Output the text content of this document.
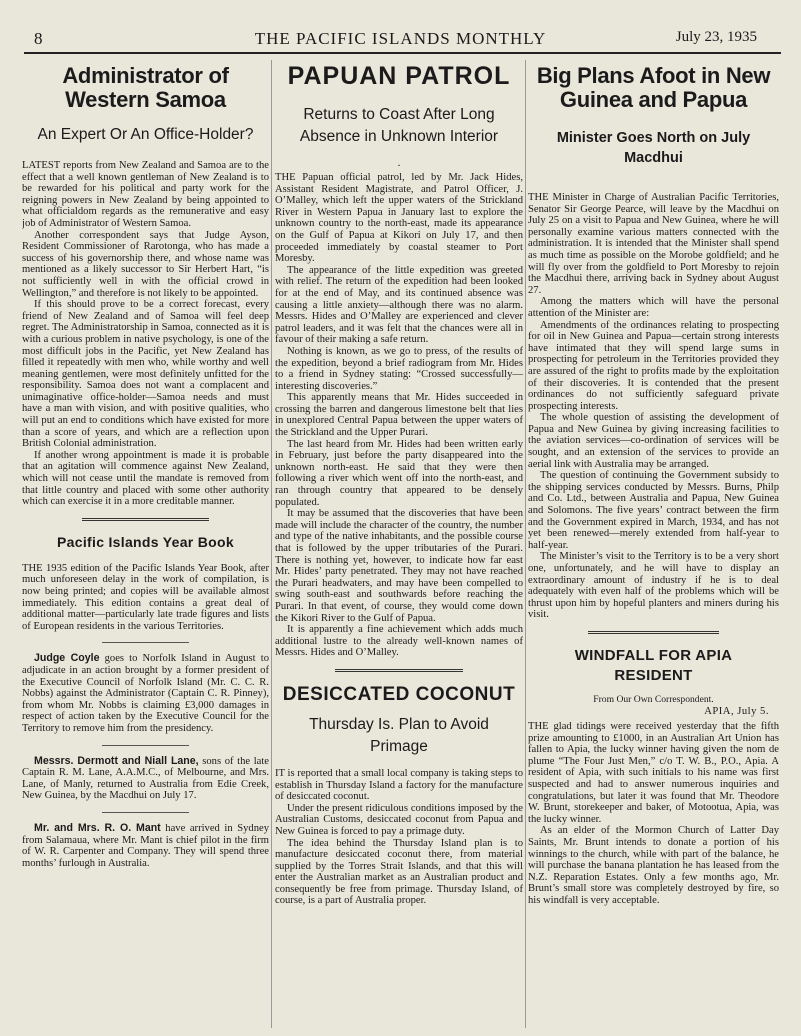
8	THE PACIFIC ISLANDS MONTHLY	July 23, 1935
Administrator of Western Samoa
An Expert Or An Office-Holder?

LATEST reports from New Zealand and Samoa are to the effect that a well known gentleman of New Zealand is to be rewarded for his political and party work for the reigning powers in New Zealand by being appointed to what officialdom regards as the remunerative and easy job of Administrator of Western Samoa.

Another correspondent says that Judge Ayson, Resident Commissioner of Rarotonga, who has made a success of his governorship there, and whose name was mentioned as a likely successor to Sir Herbert Hart, “is not sufficiently well in with the official crowd in Wellington,” and therefore is not likely to be appointed.

If this should prove to be a correct forecast, every friend of New Zealand and of Samoa will feel deep regret. The Administratorship in Samoa, connected as it is with a curious problem in native psychology, is one of the most difficult jobs in the Pacific, yet New Zealand has filled it repeatedly with men who, while worthy and well meaning gentlemen, were most definitely unfitted for the responsibility. Samoa does not want a complacent and unimaginative office-holder—Samoa needs and must have a man with vision, and with positive qualities, who will put an end to conditions which have existed for more than a score of years, and which are a reflection upon British Colonial administration.

If another wrong appointment is made it is probable that an agitation will commence against New Zealand, which will not cease until the mandate is removed from that little country and placed with some other authority which can exercise it in a more creditable manner.

Pacific Islands Year Book

THE 1935 edition of the Pacific Islands Year Book, after much unforeseen delay in the work of compilation, is now being printed; and copies will be available almost immediately. This edition contains a great deal of additional matter—particularly late trade figures and lists of European residents in the various Territories.

Judge Coyle goes to Norfolk Island in August to adjudicate in an action brought by a former president of the Executive Council of Norfolk Island (Mr. C. C. R. Nobbs) against the Administrator (Captain C. R. Pinney), from whom Mr. Nobbs is claiming £3,000 damages in respect of action taken by the Executive Council for the Territory to remove him from the presidency.

Messrs. Dermott and Niall Lane, sons of the late Captain R. M. Lane, A.A.M.C., of Melbourne, and Mrs. Lane, of Manly, returned to Australia from Edie Creek, New Guinea, by the Macdhui on July 17.

Mr. and Mrs. R. O. Mant have arrived in Sydney from Salamaua, where Mr. Mant is chief pilot in the firm of W. R. Carpenter and Company. They will spend three months’ furlough in Australia.

PAPUAN PATROL
Returns to Coast After Long Absence in Unknown Interior
·

THE Papuan official patrol, led by Mr. Jack Hides, Assistant Resident Magistrate, and Patrol Officer, J. O’Malley, which left the upper waters of the Strickland River in Western Papua in January last to explore the unknown country to the north-east, made its appearance on the Gulf of Papua at Kikori on July 17, and then proceeded immediately by coastal steamer to Port Moresby.

The appearance of the little expedition was greeted with relief. The return of the expedition had been looked for at the end of May, and its continued absence was causing a little anxiety—although there was no alarm. Messrs. Hides and O’Malley are experienced and clever patrol leaders, and it was felt that the chances were all in favour of their making a safe return.

Nothing is known, as we go to press, of the results of the expedition, beyond a brief radiogram from Mr. Hides to a friend in Sydney stating: “Crossed successfully—interesting discoveries.”

This apparently means that Mr. Hides succeeded in crossing the barren and dangerous limestone belt that lies in unexplored Central Papua between the upper waters of the Strickland and the Upper Purari.

The last heard from Mr. Hides had been written early in February, just before the party disappeared into the unknown north-east. He said that they were then following a river which went off into the north-east, and ran through country that appeared to be densely populated.

It may be assumed that the discoveries that have been made will include the character of the country, the number and type of the native inhabitants, and the possible course that is followed by the upper tributaries of the Purari. There is nothing yet, however, to indicate how far east Mr. Hides’ party penetrated. They may not have reached the Purari headwaters, and may have been compelled to swing south-east and southwards before reaching the Purari. In that event, of course, they would come down the Kikori River to the Gulf of Papua.

It is apparently a fine achievement which adds much additional lustre to the already well-known names of Messrs. Hides and O’Malley.

DESICCATED COCONUT
Thursday Is. Plan to Avoid Primage

IT is reported that a small local company is taking steps to establish in Thursday Island a factory for the manufacture of desiccated coconut.

Under the present ridiculous conditions imposed by the Australian Customs, desiccated coconut from Papua and New Guinea is forced to pay a primage duty.

The idea behind the Thursday Island plan is to manufacture desiccated coconut there, from material supplied by the Torres Strait Islands, and that this will enter the Australian market as an Australian product and consequently be free from primage. Thursday Island, of course, is a part of Australia proper.

Big Plans Afoot in New Guinea and Papua
Minister Goes North on July Macdhui

THE Minister in Charge of Australian Pacific Territories, Senator Sir George Pearce, will leave by the Macdhui on July 25 on a visit to Papua and New Guinea, where he will personally examine various matters connected with the administration. It is intended that the Minister shall spend as much time as possible on the Morobe goldfield; and he will fly over from the goldfield to Port Moresby to rejoin the Macdhui there, arriving back in Sydney about August 27.

Among the matters which will have the personal attention of the Minister are:

Amendments of the ordinances relating to prospecting for oil in New Guinea and Papua—certain strong interests have intimated that they will spend large sums in prospecting for petroleum in the Territories provided they are assured of the right to profits made by the exploitation of their discoveries. It is contended that the present ordinances do not sufficiently safeguard private prospecting interests.

The whole question of assisting the development of Papua and New Guinea by giving increasing facilities to the aviation services—co-ordination of services will be sought, and an extension of the services to provide an aerial link with Australia may be arranged.

The question of continuing the Government subsidy to the shipping services conducted by Messrs. Burns, Philp and Co. Ltd., between Australia and Papua, New Guinea and Solomons. The five years’ contract between the firm and the Government expired in March, 1934, and has not yet been renewed—merely extended from half-year to half-year.

The Minister’s visit to the Territory is to be a very short one, unfortunately, and he will have to display an extraordinary amount of industry if he is to deal adequately with even half of the problems which will be thrust upon him by hopeful planters and miners during his visit.

WINDFALL FOR APIA RESIDENT
From Our Own Correspondent.
APIA, July 5.

THE glad tidings were received yesterday that the fifth prize amounting to £1000, in an Australian Art Union has fallen to Apia, the lucky winner having given the nom de plume “The Four Just Men,” c/o T. W. B., P.O., Apia. A resident of Apia, with such initials to his name was first suspected and had to answer numerous inquiries and congratulations, but later it was found that Mr. Theodore W. Brunt, storekeeper and baker, of Motootua, Apia, was the lucky winner.

As an elder of the Mormon Church of Latter Day Saints, Mr. Brunt intends to donate a portion of his winnings to the church, while with part of the balance, he will purchase the banana plantation he has leased from the N.Z. Reparation Estates. Only a few months ago, Mr. Brunt’s small store was completely destroyed by fire, so his windfall is very acceptable.
